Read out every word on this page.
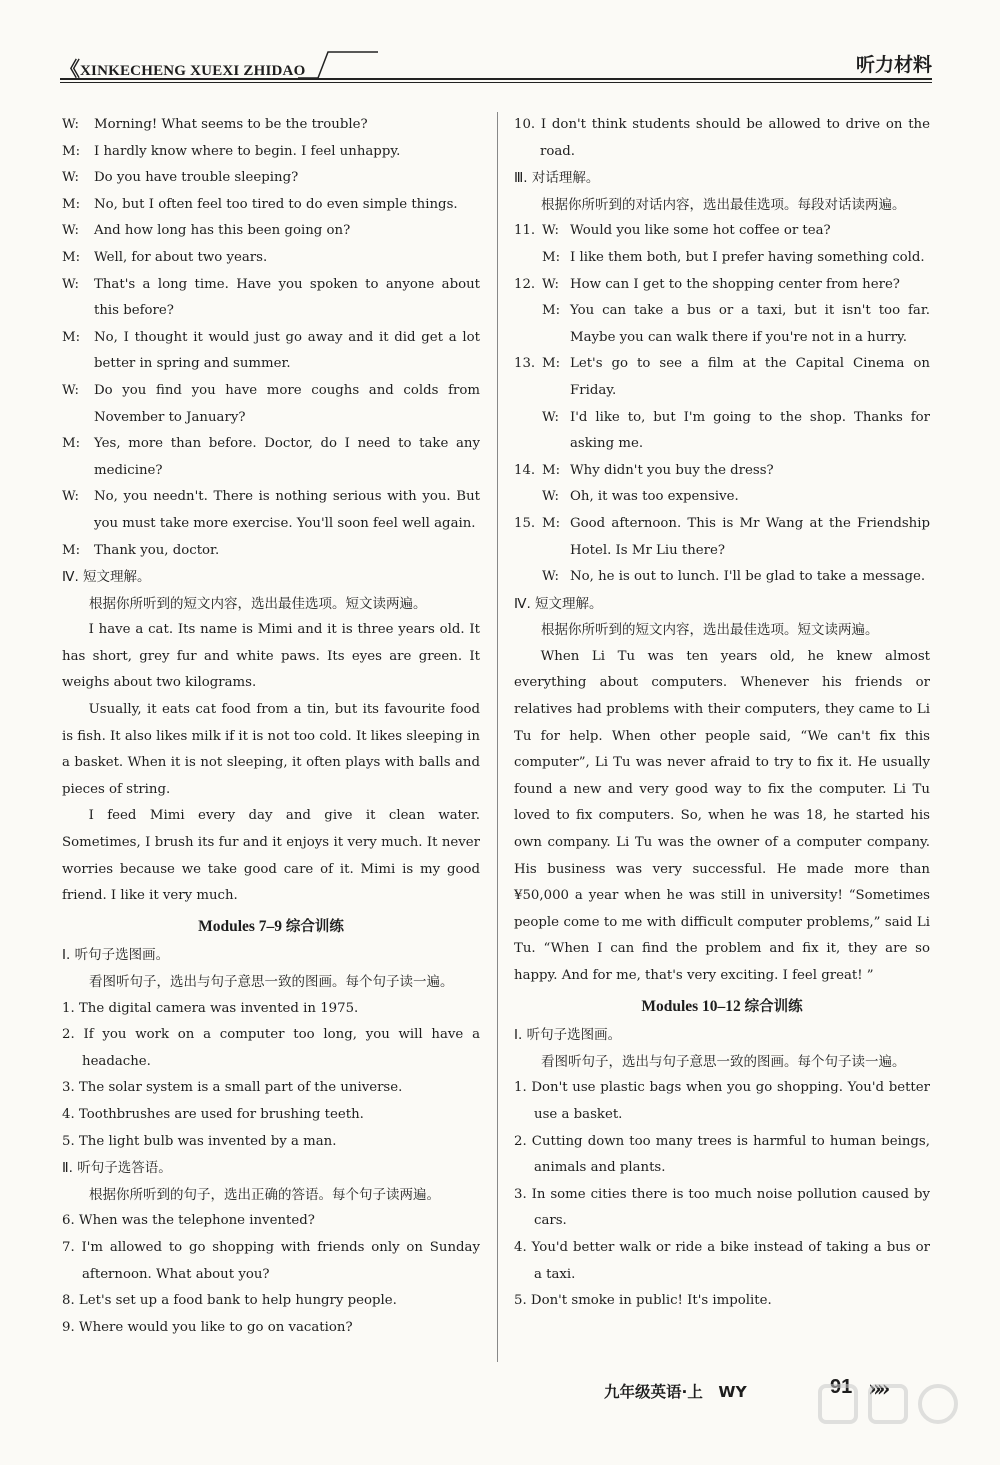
《 XINKECHENG XUEXI ZHIDAO	听力材料
W:	Morning! What seems to be the trouble?
M:	I hardly know where to begin. I feel unhappy.
W:	Do you have trouble sleeping?
M:	No, but I often feel too tired to do even simple things.
W:	And how long has this been going on?
M:	Well, for about two years.
W:	That's a long time. Have you spoken to anyone about this before?
M:	No, I thought it would just go away and it did get a lot better in spring and summer.
W:	Do you find you have more coughs and colds from November to January?
M:	Yes, more than before. Doctor, do I need to take any medicine?
W:	No, you needn't. There is nothing serious with you. But you must take more exercise. You'll soon feel well again.
M:	Thank you, doctor.
Ⅳ. 短文理解。
根据你所听到的短文内容，选出最佳选项。短文读两遍。
I have a cat. Its name is Mimi and it is three years old. It has short, grey fur and white paws. Its eyes are green. It weighs about two kilograms.
Usually, it eats cat food from a tin, but its favourite food is fish. It also likes milk if it is not too cold. It likes sleeping in a basket. When it is not sleeping, it often plays with balls and pieces of string.
I feed Mimi every day and give it clean water. Sometimes, I brush its fur and it enjoys it very much. It never worries because we take good care of it. Mimi is my good friend. I like it very much.
Modules 7–9 综合训练
Ⅰ. 听句子选图画。
看图听句子，选出与句子意思一致的图画。每个句子读一遍。
1. The digital camera was invented in 1975.
2. If you work on a computer too long, you will have a headache.
3. The solar system is a small part of the universe.
4. Toothbrushes are used for brushing teeth.
5. The light bulb was invented by a man.
Ⅱ. 听句子选答语。
根据你所听到的句子，选出正确的答语。每个句子读两遍。
6. When was the telephone invented?
7. I'm allowed to go shopping with friends only on Sunday afternoon. What about you?
8. Let's set up a food bank to help hungry people.
9. Where would you like to go on vacation?
10. I don't think students should be allowed to drive on the road.
Ⅲ. 对话理解。
根据你所听到的对话内容，选出最佳选项。每段对话读两遍。
11. W: Would you like some hot coffee or tea?
M: I like them both, but I prefer having something cold.
12. W: How can I get to the shopping center from here?
M: You can take a bus or a taxi, but it isn't too far. Maybe you can walk there if you're not in a hurry.
13. M: Let's go to see a film at the Capital Cinema on Friday.
W: I'd like to, but I'm going to the shop. Thanks for asking me.
14. M: Why didn't you buy the dress?
W: Oh, it was too expensive.
15. M: Good afternoon. This is Mr Wang at the Friendship Hotel. Is Mr Liu there?
W: No, he is out to lunch. I'll be glad to take a message.
Ⅳ. 短文理解。
根据你所听到的短文内容，选出最佳选项。短文读两遍。
When Li Tu was ten years old, he knew almost everything about computers. Whenever his friends or relatives had problems with their computers, they came to Li Tu for help. When other people said, “We can't fix this computer”, Li Tu was never afraid to try to fix it. He usually found a new and very good way to fix the computer. Li Tu loved to fix computers. So, when he was 18, he started his own company. Li Tu was the owner of a computer company. His business was very successful. He made more than ¥50,000 a year when he was still in university! “Sometimes people come to me with difficult computer problems,” said Li Tu. “When I can find the problem and fix it, they are so happy. And for me, that's very exciting. I feel great! ”
Modules 10–12 综合训练
Ⅰ. 听句子选图画。
看图听句子，选出与句子意思一致的图画。每个句子读一遍。
1. Don't use plastic bags when you go shopping. You'd better use a basket.
2. Cutting down too many trees is harmful to human beings, animals and plants.
3. In some cities there is too much noise pollution caused by cars.
4. You'd better walk or ride a bike instead of taking a bus or a taxi.
5. Don't smoke in public! It's impolite.
九年级英语·上　WY	91 »»
